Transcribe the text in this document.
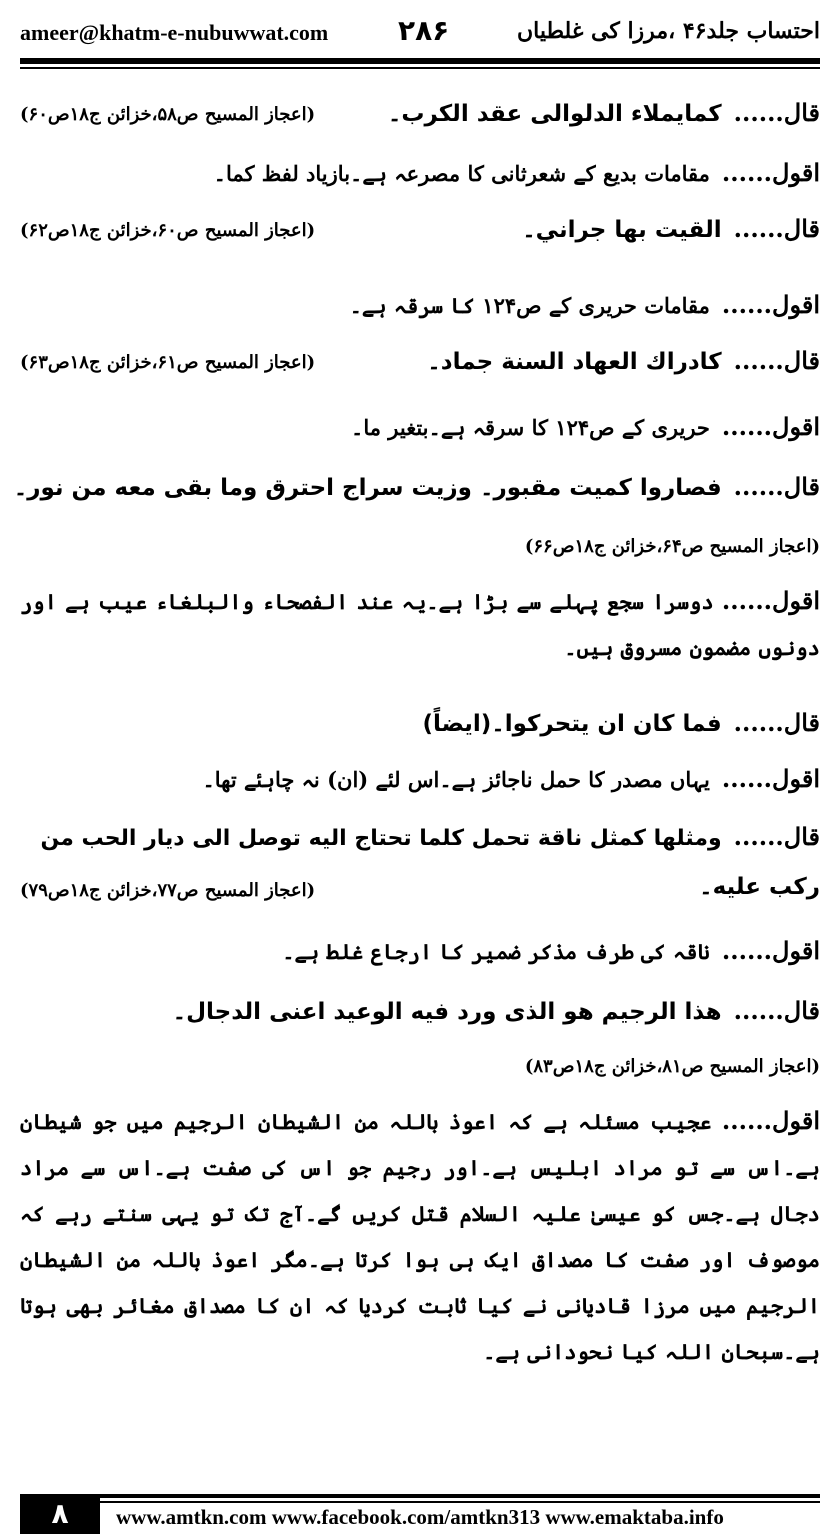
ameer@khatm-e-nubuwwat.com ۲۸۶	احتساب جلد۴۶ ،مرزا کی غلطیاں
قال......كمايملاء الدلوالى عقد الكرب۔
(اعجاز المسیح ص۵۸،خزائن ج۱۸ص۶۰)
اقول......مقامات بدیع کے شعرثانی کا مصرعہ ہے۔بازیاد لفظ كما۔
قال......القيت بها جراني۔
(اعجاز المسیح ص۶۰،خزائن ج۱۸ص۶۲)
اقول......مقامات حریری کے ص۱۲۴ کا سرقہ ہے۔
قال......كادراك العهاد السنة جماد۔
(اعجاز المسیح ص۶۱،خزائن ج۱۸ص۶۳)
اقول......حریری کے ص۱۲۴ کا سرقہ ہے۔بتغیر ما۔
قال......فصاروا كميت مقبور۔ وزيت سراج احترق وما بقى معه من نور۔
(اعجاز المسیح ص۶۴،خزائن ج۱۸ص۶۶)
اقول...... دوسرا سجع پہلے سے بڑا ہے۔یہ عند الفصحاء والبلغاء عیب ہے اور دونوں مضمون مسروق ہیں۔
قال......فما كان ان يتحركوا۔(ایضاً)
اقول......یہاں مصدر کا حمل ناجائز ہے۔اس لئے (ان) نہ چاہئے تھا۔
قال......ومثلها كمثل ناقة تحمل كلما تحتاج اليه توصل الى ديار الحب من
ركب عليه۔
(اعجاز المسیح ص۷۷،خزائن ج۱۸ص۷۹)
اقول......ناقہ کی طرف مذکر ضمیر کا ارجاع غلط ہے۔
قال......هذا الرجيم هو الذى ورد فيه الوعيد اعنى الدجال۔
(اعجاز المسیح ص۸۱،خزائن ج۱۸ص۸۳)
اقول...... عجیب مسئلہ ہے کہ اعوذ باللہ من الشیطان الرجیم میں جو شیطان ہے۔اس سے تو مراد ابلیس ہے۔اور رجیم جو اس کی صفت ہے۔اس سے مراد دجال ہے۔جس کو عیسیٰ علیہ السلام قتل کریں گے۔آج تک تو یہی سنتے رہے کہ موصوف اور صفت کا مصداق ایک ہی ہوا کرتا ہے۔مگر اعوذ باللہ من الشیطان الرجیم میں مرزا قادیانی نے کیا ثابت کردیا کہ ان کا مصداق مغائر بھی ہوتا ہے۔سبحان اللہ کیا نحودانی ہے۔
۸	www.amtkn.com www.facebook.com/amtkn313 www.emaktaba.info
